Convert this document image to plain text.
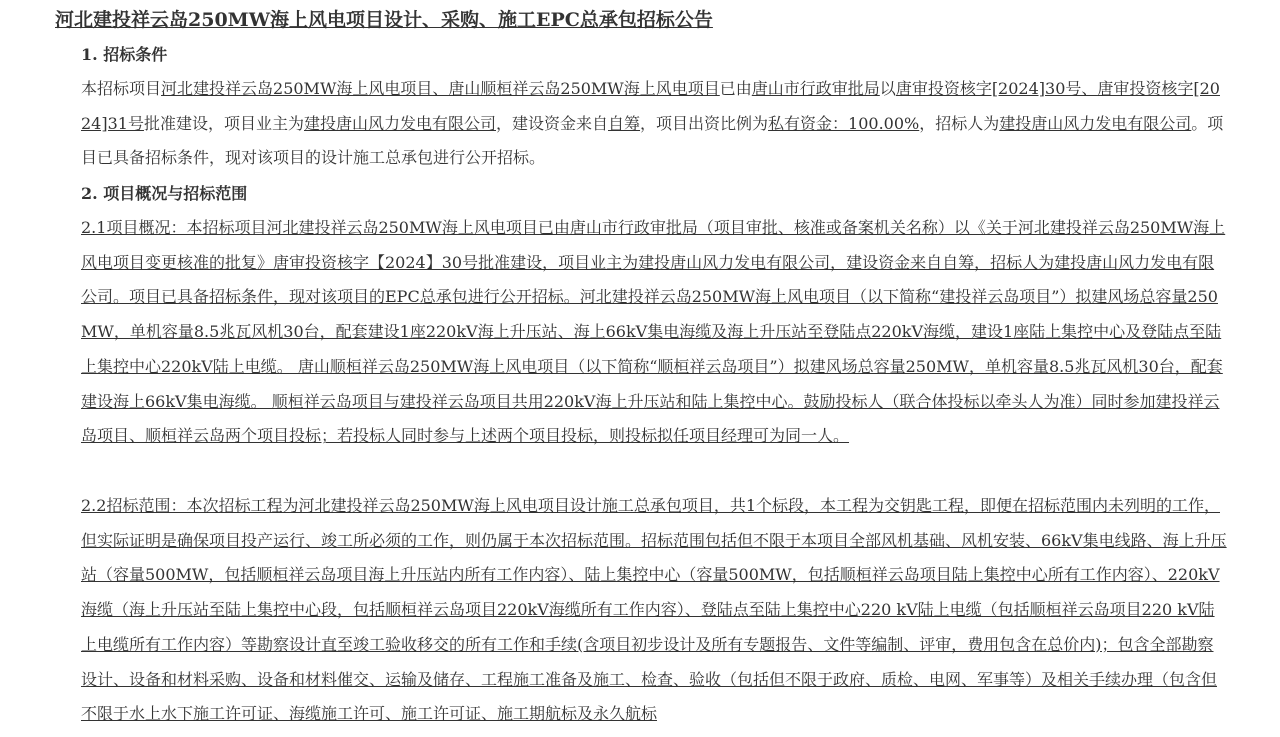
河北建投祥云岛250MW海上风电项目设计、采购、施工EPC总承包招标公告
1. 招标条件

本招标项目河北建投祥云岛250MW海上风电项目、唐山顺桓祥云岛250MW海上风电项目已由唐山市行政审批局以唐审投资核字[2024]30号、唐审投资核字[2024]31号批准建设，项目业主为建投唐山风力发电有限公司，建设资金来自自筹，项目出资比例为私有资金：100.00%，招标人为建投唐山风力发电有限公司。项目已具备招标条件，现对该项目的设计施工总承包进行公开招标。

2. 项目概况与招标范围

2.1项目概况：本招标项目河北建投祥云岛250MW海上风电项目已由唐山市行政审批局（项目审批、核准或备案机关名称）以《关于河北建投祥云岛250MW海上风电项目变更核准的批复》唐审投资核字【2024】30号批准建设，项目业主为建投唐山风力发电有限公司，建设资金来自自筹，招标人为建投唐山风力发电有限公司。项目已具备招标条件，现对该项目的EPC总承包进行公开招标。河北建投祥云岛250MW海上风电项目（以下简称“建投祥云岛项目”）拟建风场总容量250MW，单机容量8.5兆瓦风机30台，配套建设1座220kV海上升压站、海上66kV集电海缆及海上升压站至登陆点220kV海缆，建设1座陆上集控中心及登陆点至陆上集控中心220kV陆上电缆。 唐山顺桓祥云岛250MW海上风电项目（以下简称“顺桓祥云岛项目”）拟建风场总容量250MW，单机容量8.5兆瓦风机30台，配套建设海上66kV集电海缆。 顺桓祥云岛项目与建投祥云岛项目共用220kV海上升压站和陆上集控中心。鼓励投标人（联合体投标以牵头人为准）同时参加建投祥云岛项目、顺桓祥云岛两个项目投标；若投标人同时参与上述两个项目投标，则投标拟任项目经理可为同一人。

2.2招标范围：本次招标工程为河北建投祥云岛250MW海上风电项目设计施工总承包项目，共1个标段，本工程为交钥匙工程，即便在招标范围内未列明的工作，但实际证明是确保项目投产运行、竣工所必须的工作，则仍属于本次招标范围。招标范围包括但不限于本项目全部风机基础、风机安装、66kV集电线路、海上升压站（容量500MW，包括顺桓祥云岛项目海上升压站内所有工作内容）、陆上集控中心（容量500MW，包括顺桓祥云岛项目陆上集控中心所有工作内容）、220kV海缆（海上升压站至陆上集控中心段，包括顺桓祥云岛项目220kV海缆所有工作内容）、登陆点至陆上集控中心220 kV陆上电缆（包括顺桓祥云岛项目220 kV陆上电缆所有工作内容）等勘察设计直至竣工验收移交的所有工作和手续(含项目初步设计及所有专题报告、文件等编制、评审，费用包含在总价内)；包含全部勘察设计、设备和材料采购、设备和材料催交、运输及储存、工程施工准备及施工、检查、验收（包括但不限于政府、质检、电网、军事等）及相关手续办理（包含但不限于水上水下施工许可证、海缆施工许可、施工许可证、施工期航标及永久航标
